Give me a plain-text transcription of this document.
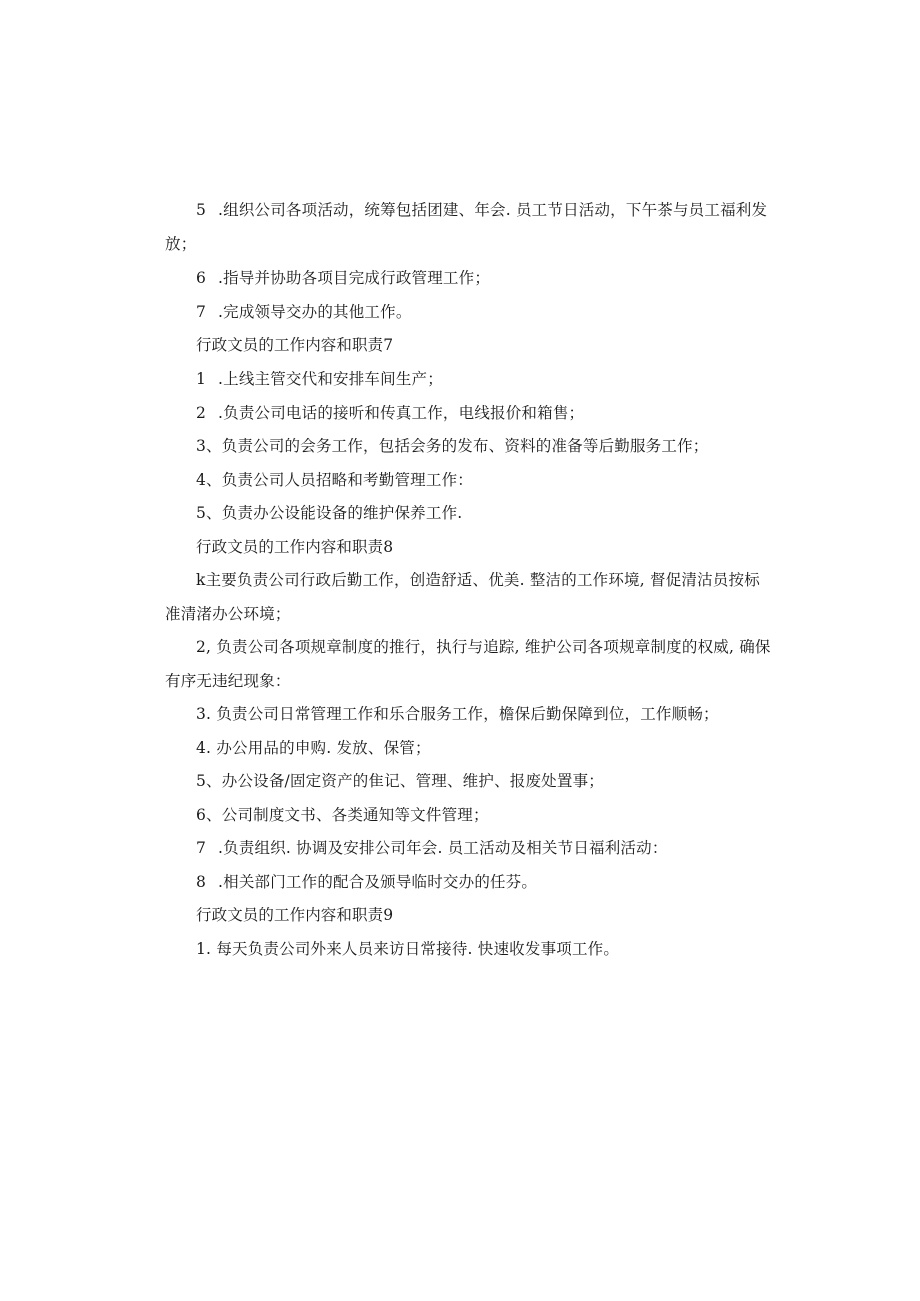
5 .组织公司各项活动，统筹包括团建、年会. 员工节日活动，下午茶与员工福利发
放；
6 .指导并协助各项目完成行政管理工作；
7 .完成领导交办的其他工作。
行政文员的工作内容和职责7
1 .上线主管交代和安排车间生产；
2 .负责公司电话的接听和传真工作，电线报价和箱售；
3、负责公司的会务工作，包括会务的发布、资料的准备等后勤服务工作；
4、负责公司人员招略和考勤管理工作：
5、负责办公设能设备的维护保养工作.
行政文员的工作内容和职责8
k主要负责公司行政后勤工作，创造舒适、优美. 整洁的工作环境, 督促清沽员按标
准清渚办公环境；
2, 负责公司各项规章制度的推行，执行与追踪, 维护公司各项规章制度的权威, 确保
有序无违纪现象：
3. 负责公司日常管理工作和乐合服务工作，檐保后勤保障到位，工作顺畅；
4. 办公用品的申购. 发放、保管；
5、办公设备/固定资产的隹记、管理、维护、报废处置事；
6、公司制度文书、各类通知等文件管理；
7 .负责组织. 协调及安排公司年会. 员工活动及相关节日福利活动：
8 .相关部门工作的配合及颁导临时交办的任芬。
行政文员的工作内容和职责9
1. 每天负责公司外来人员来访日常接待. 快速收发事项工作。
